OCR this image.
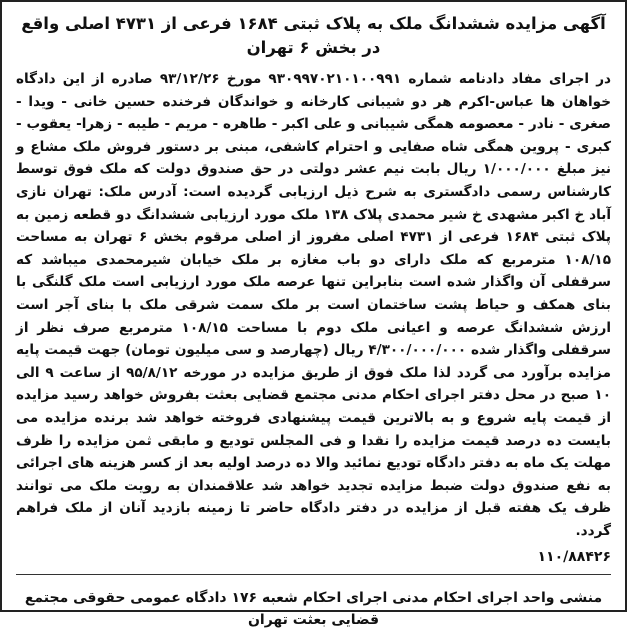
آگهی مزایده ششدانگ ملک به پلاک ثبتی ۱۶۸۴ فرعی از ۴۷۳۱ اصلی واقع در بخش ۶ تهران

در اجرای مفاد دادنامه شماره ۹۳۰۹۹۷۰۲۱۰۱۰۰۹۹۱ مورخ ۹۳/۱۲/۲۶ صادره از این دادگاه خواهان ها عباس-اکرم هر دو شیبانی کارخانه و خواندگان فرخنده حسین خانی - ویدا - صغری - نادر - معصومه همگی شیبانی و علی اکبر - طاهره - مریم - طیبه - زهرا- یعقوب - کبری - پروین همگی شاه صفایی و احترام کاشفی، مبنی بر دستور فروش ملک مشاع و نیز مبلغ ۱/۰۰۰/۰۰۰ ریال بابت نیم عشر دولتی در حق صندوق دولت که ملک فوق توسط کارشناس رسمی دادگستری به شرح ذیل ارزیابی گردیده است: آدرس ملک: تهران نازی آباد خ اکبر مشهدی خ شیر محمدی پلاک ۱۳۸ ملک مورد ارزیابی ششدانگ دو قطعه زمین به پلاک ثبتی ۱۶۸۴ فرعی از ۴۷۳۱ اصلی مفروز از اصلی مرقوم بخش ۶ تهران به مساحت ۱۰۸/۱۵ مترمربع که ملک دارای دو باب مغازه بر ملک خیابان شیرمحمدی میباشد که سرقفلی آن واگذار شده است بنابراین تنها عرصه ملک مورد ارزیابی است ملک گلنگی با بنای همکف و حیاط پشت ساختمان است بر ملک سمت شرقی ملک با بنای آجر است ارزش ششدانگ عرصه و اعیانی ملک دوم با مساحت ۱۰۸/۱۵ مترمربع صرف نظر از سرقفلی واگذار شده ۴/۳۰۰/۰۰۰/۰۰۰ ریال (چهارصد و سی میلیون تومان) جهت قیمت پایه مزایده برآورد می گردد لذا ملک فوق از طریق مزایده در مورخه ۹۵/۸/۱۲ از ساعت ۹ الی ۱۰ صبح در محل دفتر اجرای احکام مدنی مجتمع قضایی بعثت بفروش خواهد رسید مزایده از قیمت پایه شروع و به بالاترین قیمت پیشنهادی فروخته خواهد شد برنده مزایده می بایست ده درصد قیمت مزایده را نقدا و فی المجلس تودیع و مابقی ثمن مزایده را ظرف مهلت یک ماه به دفتر دادگاه تودیع نمائید والا ده درصد اولیه بعد از کسر هزینه های اجرائی به نفع صندوق دولت ضبط مزایده تجدید خواهد شد علاقمندان به رویت ملک می توانند ظرف یک هفته قبل از مزایده در دفتر دادگاه حاضر تا زمینه بازدید آنان از ملک فراهم گردد.

۱۱۰/۸۸۴۲۶
منشی واحد اجرای احکام مدنی اجرای احکام شعبه ۱۷۶ دادگاه عمومی حقوقی مجتمع قضایی بعثت تهران
